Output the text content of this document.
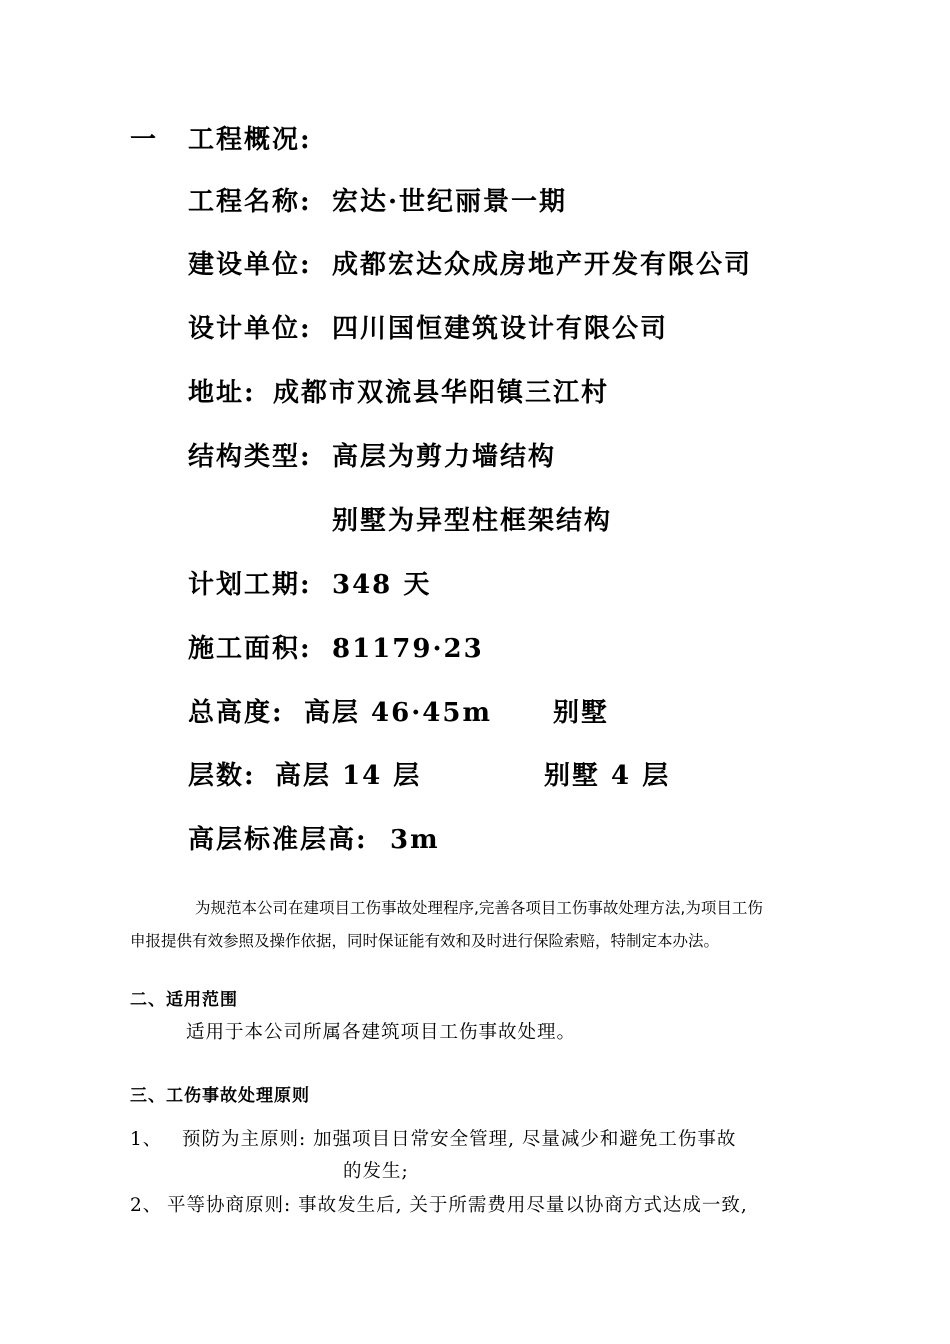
一 工程概况:
工程名称: 宏达·世纪丽景一期
建设单位: 成都宏达众成房地产开发有限公司
设计单位: 四川国恒建筑设计有限公司
地址: 成都市双流县华阳镇三江村
结构类型: 高层为剪力墙结构
别墅为异型柱框架结构
计划工期: 348 天
施工面积: 81179·23
总高度: 高层 46·45m 别墅
层数: 高层 14 层	别墅 4 层
高层标准层高: 3m
为规范本公司在建项目工伤事故处理程序,完善各项目工伤事故处理方法,为项目工伤
申报提供有效参照及操作依据，同时保证能有效和及时进行保险索赔，特制定本办法。
二、适用范围
适用于本公司所属各建筑项目工伤事故处理。
三、工伤事故处理原则
1、 预防为主原则: 加强项目日常安全管理, 尽量减少和避免工伤事故
的发生;
2、 平等协商原则: 事故发生后, 关于所需费用尽量以协商方式达成一致,
